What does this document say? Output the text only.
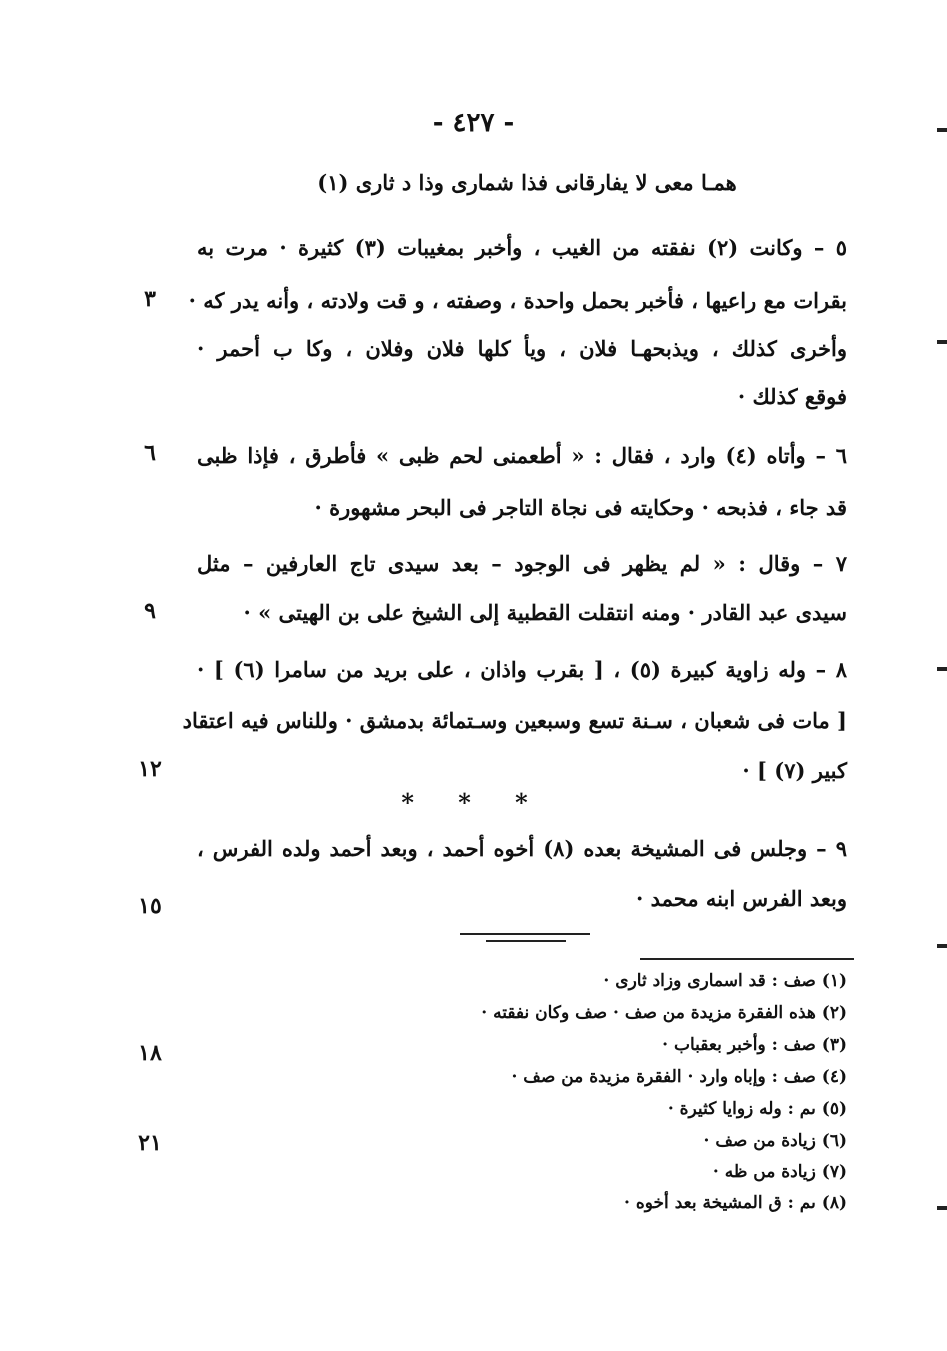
- ٤٢٧ -
همـا معى لا يفارقانى فذا شمارى وذا د ثارى (١)
٥ – وكانت (٢) نفقته من الغيب ، وأخبر بمغيبات (٣) كثيرة · مرت به
بقرات مع راعيها ، فأخبر بحمل واحدة ، وصفته ، و قت ولادته ، وأنه يدر كه ·
وأخرى كذلك ، ويذبحهـا فلان ، ويأ كلها فلان وفلان ، وكا ب أحمر ·
فوقع كذلك ·
٦ – وأتاه (٤) وارد ، فقال : « أطعمنى لحم ظبى » فأطرق ، فإذا ظبى
قد جاء ، فذبحه · وحكايته فى نجاة التاجر فى البحر مشهورة ·
٧ – وقال : « لم يظهر فى الوجود – بعد سيدى تاج العارفين – مثل
سيدى عبد القادر · ومنه انتقلت القطبية إلى الشيخ على بن الهيتى » ·
٨ – وله زاوية كبيرة (٥) ، [ بقرب واذان ، على بريد من سامرا (٦) ] ·
[ مات فى شعبان ، سـنة تسع وسبعين وسـتمائة بدمشق · وللناس فيه اعتقاد
كبير (٧) ] ·
* * *
٩ – وجلس فى المشيخة بعده (٨) أخوه أحمد ، وبعد أحمد ولده الفرس ،
وبعد الفرس ابنه محمد ·
٣
٦
٩
١٢
١٥
١٨
٢١
(١) صف : قد اسمارى وزاد ثارى ·
(٢) هذه الفقرة مزيدة من صف · صف وكان نفقته ·
(٣) صف : وأخبر بعقباب ·
(٤) صف : وإباه وارد · الفقرة مزيدة من صف ·
(٥) ىم : وله زوايا كثيرة ·
(٦) زيادة من صف ·
(٧) زيادة مں ظه ·
(٨) ىم : ق المشيخة بعد أخوه ·
